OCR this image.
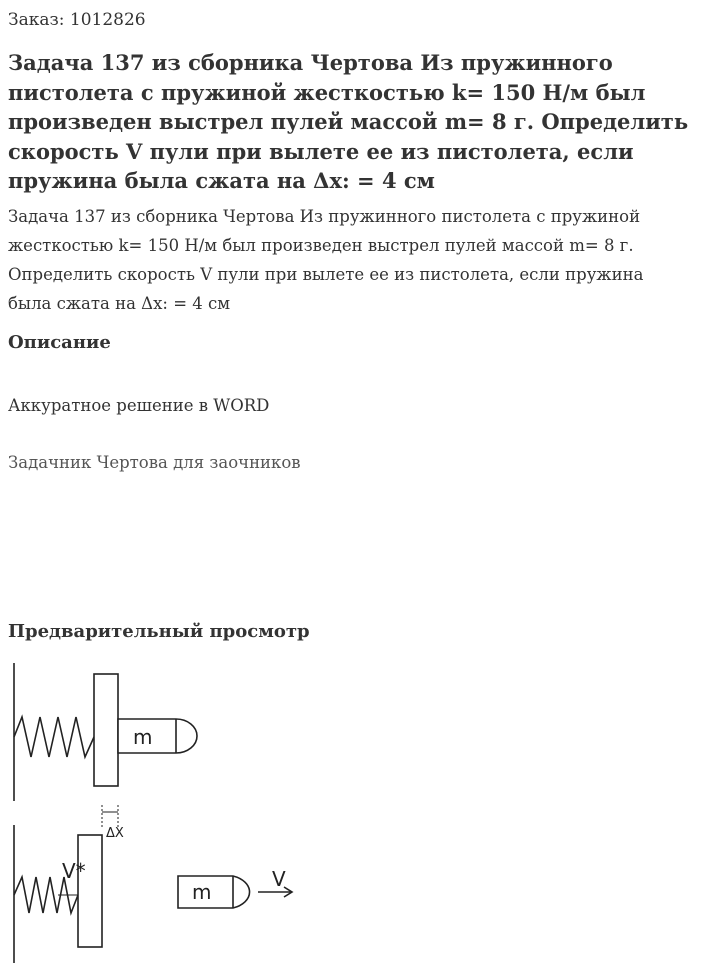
Заказ: 1012826
Задача 137 из сборника Чертова Из пружинного пистолета с пружиной жесткостью k= 150 Н/м был произведен выстрел пулей массой m= 8 г. Определить скорость V пули при вылете ее из пистолета, если пружина была сжата на Δx: = 4 см

Задача 137 из сборника Чертова Из пружинного пистолета с пружиной жесткостью k= 150 Н/м был произведен выстрел пулей массой m= 8 г. Определить скорость V пули при вылете ее из пистолета, если пружина была сжата на Δx: = 4 см

Описание

Аккуратное решение в WORD

Задачник Чертова для заочников

Предварительный просмотр
m
ΔX
V*
m
V
